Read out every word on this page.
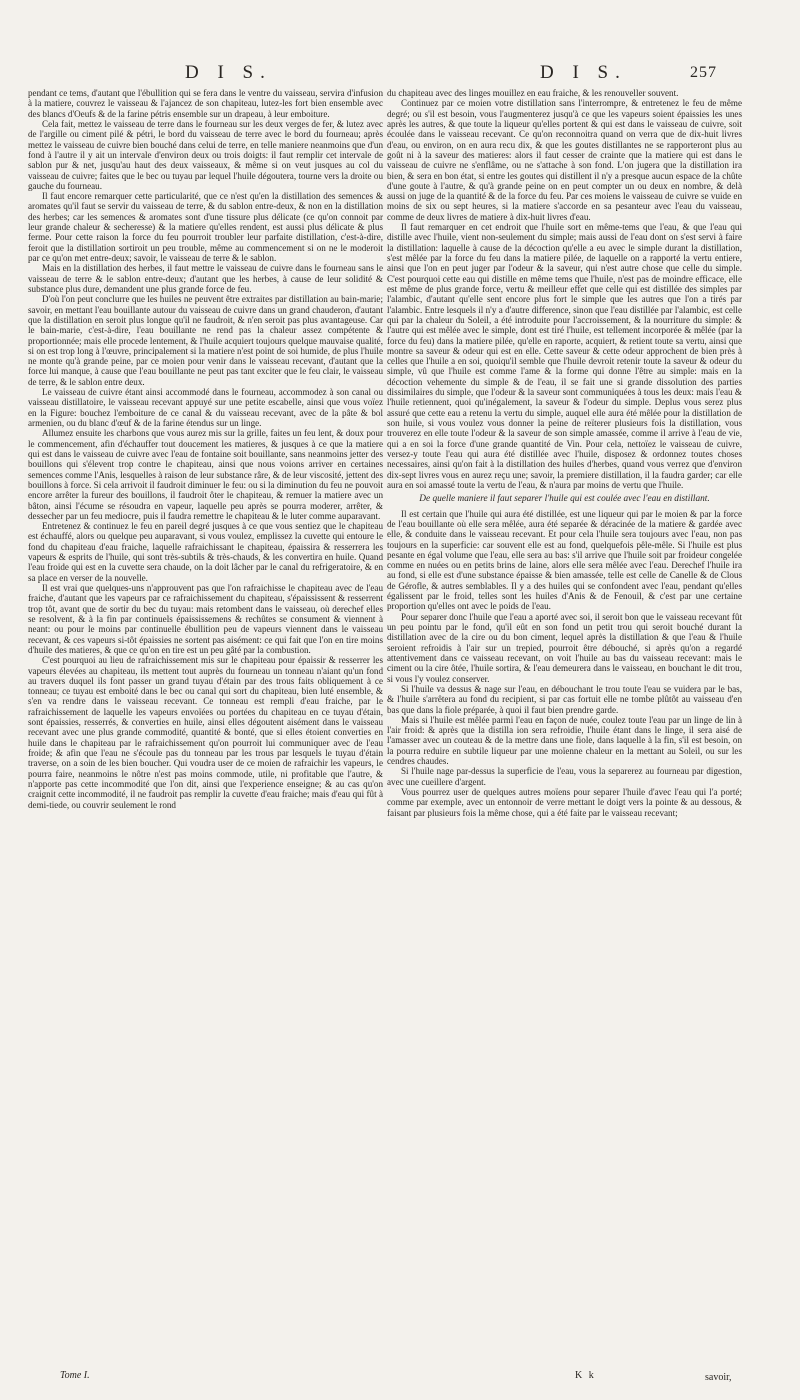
D I S.	D I S.	257

pendant ce tems, d'autant que l'ébullition qui se fera dans le ventre du vaisseau, servira d'infusion à la matiere, couvrez le vaisseau & l'ajancez de son chapiteau, lutez-les fort bien ensemble avec des blancs d'Oeufs & de la farine pétris ensemble sur un drapeau, à leur emboiture.

Cela fait, mettez le vaisseau de terre dans le fourneau sur les deux verges de fer, & lutez avec de l'argille ou ciment pilé & pétri, le bord du vaisseau de terre avec le bord du fourneau; après mettez le vaisseau de cuivre bien bouché dans celui de terre, en telle maniere neanmoins que d'un fond à l'autre il y ait un intervale d'environ deux ou trois doigts: il faut remplir cet intervale de sablon pur & net, jusqu'au haut des deux vaisseaux, & même si on veut jusques au col du vaisseau de cuivre; faites que le bec ou tuyau par lequel l'huile dégoutera, tourne vers la droite ou gauche du fourneau.

Il faut encore remarquer cette particularité, que ce n'est qu'en la distillation des semences & aromates qu'il faut se servir du vaisseau de terre, & du sablon entre-deux, & non en la distillation des herbes; car les semences & aromates sont d'une tissure plus délicate (ce qu'on connoit par leur grande chaleur & secheresse) & la matiere qu'elles rendent, est aussi plus délicate & plus ferme. Pour cette raison la force du feu pourroit troubler leur parfaite distillation, c'est-à-dire, feroit que la distillation sortiroit un peu trouble, même au commencement si on ne le moderoit par ce qu'on met entre-deux; savoir, le vaisseau de terre & le sablon.

Mais en la distillation des herbes, il faut mettre le vaisseau de cuivre dans le fourneau sans le vaisseau de terre & le sablon entre-deux; d'autant que les herbes, à cause de leur solidité & substance plus dure, demandent une plus grande force de feu.

D'où l'on peut conclurre que les huiles ne peuvent être extraites par distillation au bain-marie; savoir, en mettant l'eau bouillante autour du vaisseau de cuivre dans un grand chauderon, d'autant que la distillation en seroit plus longue qu'il ne faudroit, & n'en seroit pas plus avantageuse. Car le bain-marie, c'est-à-dire, l'eau bouillante ne rend pas la chaleur assez compétente & proportionnée; mais elle procede lentement, & l'huile acquiert toujours quelque mauvaise qualité, si on est trop long à l'œuvre, principalement si la matiere n'est point de soi humide, de plus l'huile ne monte qu'à grande peine, par ce moien pour venir dans le vaisseau recevant, d'autant que la force lui manque, à cause que l'eau bouillante ne peut pas tant exciter que le feu clair, le vaisseau de terre, & le sablon entre deux.

Le vaisseau de cuivre étant ainsi accommodé dans le fourneau, accommodez à son canal ou vaisseau distillatoire, le vaisseau recevant appuyé sur une petite escabelle, ainsi que vous voïez en la Figure: bouchez l'emboiture de ce canal & du vaisseau recevant, avec de la pâte & bol armenien, ou du blanc d'œuf & de la farine étendus sur un linge.

Allumez ensuite les charbons que vous aurez mis sur la grille, faites un feu lent, & doux pour le commencement, afin d'échauffer tout doucement les matieres, & jusques à ce que la matiere qui est dans le vaisseau de cuivre avec l'eau de fontaine soit bouillante, sans neanmoins jetter des bouillons qui s'élevent trop contre le chapiteau, ainsi que nous voions arriver en certaines semences comme l'Anis, lesquelles à raison de leur substance râre, & de leur viscosité, jettent des bouillons à force. Si cela arrivoit il faudroit diminuer le feu: ou si la diminution du feu ne pouvoit encore arrêter la fureur des bouillons, il faudroit ôter le chapiteau, & remuer la matiere avec un bâton, ainsi l'écume se résoudra en vapeur, laquelle peu après se pourra moderer, arrêter, & dessecher par un feu mediocre, puis il faudra remettre le chapiteau & le luter comme auparavant.

Entretenez & continuez le feu en pareil degré jusques à ce que vous sentiez que le chapiteau est échauffé, alors ou quelque peu auparavant, si vous voulez, emplissez la cuvette qui entoure le fond du chapiteau d'eau fraiche, laquelle rafraichissant le chapiteau, épaissira & resserrera les vapeurs & esprits de l'huile, qui sont très-subtils & très-chauds, & les convertira en huile. Quand l'eau froide qui est en la cuvette sera chaude, on la doit lâcher par le canal du refrigeratoire, & en sa place en verser de la nouvelle.

Il est vrai que quelques-uns n'approuvent pas que l'on rafraichisse le chapiteau avec de l'eau fraiche, d'autant que les vapeurs par ce rafraichissement du chapiteau, s'épaississent & resserrent trop tôt, avant que de sortir du bec du tuyau: mais retombent dans le vaisseau, où derechef elles se resolvent, & à la fin par continuels épaississemens & rechûtes se consument & viennent à neant: ou pour le moins par continuelle ébullition peu de vapeurs viennent dans le vaisseau recevant, & ces vapeurs si-tôt épaissies ne sortent pas aisément: ce qui fait que l'on en tire moins d'huile des matieres, & que ce qu'on en tire est un peu gâté par la combustion.

C'est pourquoi au lieu de rafraichissement mis sur le chapiteau pour épaissir & resserrer les vapeurs élevées au chapiteau, ils mettent tout auprès du fourneau un tonneau n'aiant qu'un fond au travers duquel ils font passer un grand tuyau d'étain par des trous faits obliquement à ce tonneau; ce tuyau est emboité dans le bec ou canal qui sort du chapiteau, bien luté ensemble, & s'en va rendre dans le vaisseau recevant. Ce tonneau est rempli d'eau fraiche, par le rafraichissement de laquelle les vapeurs envoïées ou portées du chapiteau en ce tuyau d'étain, sont épaissies, resserrés, & converties en huile, ainsi elles dégoutent aisément dans le vaisseau recevant avec une plus grande commodité, quantité & bonté, que si elles étoient converties en huile dans le chapiteau par le rafraichissement qu'on pourroit lui communiquer avec de l'eau froide; & afin que l'eau ne s'écoule pas du tonneau par les trous par lesquels le tuyau d'étain traverse, on a soin de les bien boucher. Qui voudra user de ce moien de rafraichir les vapeurs, le pourra faire, neanmoins le nôtre n'est pas moins commode, utile, ni profitable que l'autre, & n'apporte pas cette incommodité que l'on dit, ainsi que l'experience enseigne; & au cas qu'on craignit cette incommodité, il ne faudroit pas remplir la cuvette d'eau fraiche; mais d'eau qui fût à demi-tiede, ou couvrir seulement le rond

du chapiteau avec des linges mouillez en eau fraiche, & les renouveller souvent.

Continuez par ce moien votre distillation sans l'interrompre, & entretenez le feu de même degré; ou s'il est besoin, vous l'augmenterez jusqu'à ce que les vapeurs soient épaissies les unes après les autres, & que toute la liqueur qu'elles portent & qui est dans le vaisseau de cuivre, soit écoulée dans le vaisseau recevant. Ce qu'on reconnoitra quand on verra que de dix-huit livres d'eau, ou environ, on en aura recu dix, & que les goutes distillantes ne se rapporteront plus au goût ni à la saveur des matieres: alors il faut cesser de crainte que la matiere qui est dans le vaisseau de cuivre ne s'enflâme, ou ne s'attache à son fond. L'on jugera que la distillation ira bien, & sera en bon état, si entre les goutes qui distillent il n'y a presque aucun espace de la chûte d'une goute à l'autre, & qu'à grande peine on en peut compter un ou deux en nombre, & delà aussi on juge de la quantité & de la force du feu. Par ces moiens le vaisseau de cuivre se vuide en moins de six ou sept heures, si la matiere s'accorde en sa pesanteur avec l'eau du vaisseau, comme de deux livres de matiere à dix-huit livres d'eau.

Il faut remarquer en cet endroit que l'huile sort en même-tems que l'eau, & que l'eau qui distille avec l'huile, vient non-seulement du simple; mais aussi de l'eau dont on s'est servi à faire la distillation: laquelle à cause de la décoction qu'elle a eu avec le simple durant la distillation, s'est mêlée par la force du feu dans la matiere pilée, de laquelle on a rapporté la vertu entiere, ainsi que l'on en peut juger par l'odeur & la saveur, qui n'est autre chose que celle du simple. C'est pourquoi cette eau qui distille en même tems que l'huile, n'est pas de moindre efficace, elle est même de plus grande force, vertu & meilleur effet que celle qui est distillée des simples par l'alambic, d'autant qu'elle sent encore plus fort le simple que les autres que l'on a tirés par l'alambic. Entre lesquels il n'y a d'autre difference, sinon que l'eau distillée par l'alambic, est celle qui par la chaleur du Soleil, a été introduite pour l'accroissement, & la nourriture du simple: & l'autre qui est mêlée avec le simple, dont est tiré l'huile, est tellement incorporée & mêlée (par la force du feu) dans la matiere pilée, qu'elle en raporte, acquiert, & retient toute sa vertu, ainsi que montre sa saveur & odeur qui est en elle. Cette saveur & cette odeur approchent de bien près à celles que l'huile a en soi, quoiqu'il semble que l'huile devroit retenir toute la saveur & odeur du simple, vû que l'huile est comme l'ame & la forme qui donne l'être au simple: mais en la décoction vehemente du simple & de l'eau, il se fait une si grande dissolution des parties dissimilaires du simple, que l'odeur & la saveur sont communiquées à tous les deux: mais l'eau & l'huile retiennent, quoi qu'inégalement, la saveur & l'odeur du simple. Deplus vous serez plus assuré que cette eau a retenu la vertu du simple, auquel elle aura été mêlée pour la distillation de son huile, si vous voulez vous donner la peine de reïterer plusieurs fois la distillation, vous trouverez en elle toute l'odeur & la saveur de son simple amassée, comme il arrive à l'eau de vie, qui a en soi la force d'une grande quantité de Vin. Pour cela, nettoïez le vaisseau de cuivre, versez-y toute l'eau qui aura été distillée avec l'huile, disposez & ordonnez toutes choses necessaires, ainsi qu'on fait à la distillation des huiles d'herbes, quand vous verrez que d'environ dix-sept livres vous en aurez reçu une; savoir, la premiere distillation, il la faudra garder; car elle aura en soi amassé toute la vertu de l'eau, & n'aura par moins de vertu que l'huile.

De quelle maniere il faut separer l'huile qui est coulée avec l'eau en distillant.

Il est certain que l'huile qui aura été distillée, est une liqueur qui par le moien & par la force de l'eau bouillante où elle sera mêlée, aura été separée & déracinée de la matiere & gardée avec elle, & conduite dans le vaisseau recevant. Et pour cela l'huile sera toujours avec l'eau, non pas toujours en la superficie: car souvent elle est au fond, quelquefois pêle-mêle. Si l'huile est plus pesante en égal volume que l'eau, elle sera au bas: s'il arrive que l'huile soit par froideur congelée comme en nuées ou en petits brins de laine, alors elle sera mêlée avec l'eau. Derechef l'huile ira au fond, si elle est d'une substance épaisse & bien amassée, telle est celle de Canelle & de Clous de Gérofle, & autres semblables. Il y a des huiles qui se confondent avec l'eau, pendant qu'elles égalissent par le froid, telles sont les huiles d'Anis & de Fenouil, & c'est par une certaine proportion qu'elles ont avec le poids de l'eau.

Pour separer donc l'huile que l'eau a aporté avec soi, il seroit bon que le vaisseau recevant fût un peu pointu par le fond, qu'il eût en son fond un petit trou qui seroit bouché durant la distillation avec de la cire ou du bon ciment, lequel après la distillation & que l'eau & l'huile seroient refroidis à l'air sur un trepied, pourroit être débouché, si après qu'on a regardé attentivement dans ce vaisseau recevant, on voit l'huile au bas du vaisseau recevant: mais le ciment ou la cire ôtée, l'huile sortira, & l'eau demeurera dans le vaisseau, en bouchant le dit trou, si vous l'y voulez conserver.

Si l'huile va dessus & nage sur l'eau, en débouchant le trou toute l'eau se vuidera par le bas, & l'huile s'arrêtera au fond du recipient, si par cas fortuit elle ne tombe plûtôt au vaisseau d'en bas que dans la fiole préparée, à quoi il faut bien prendre garde.

Mais si l'huile est mêlée parmi l'eau en façon de nuée, coulez toute l'eau par un linge de lin à l'air froid: & après que la distilla ion sera refroidie, l'huile étant dans le linge, il sera aisé de l'amasser avec un couteau & de la mettre dans une fiole, dans laquelle à la fin, s'il est besoin, on la pourra reduire en subtile liqueur par une moïenne chaleur en la mettant au Soleil, ou sur les cendres chaudes.

Si l'huile nage par-dessus la superficie de l'eau, vous la separerez au fourneau par digestion, avec une cueillere d'argent.

Vous pourrez user de quelques autres moïens pour separer l'huile d'avec l'eau qui l'a porté; comme par exemple, avec un entonnoir de verre mettant le doigt vers la pointe & au dessous, & faisant par plusieurs fois la même chose, qui a été faite par le vaisseau recevant;

Tome I.	K k	savoir,
